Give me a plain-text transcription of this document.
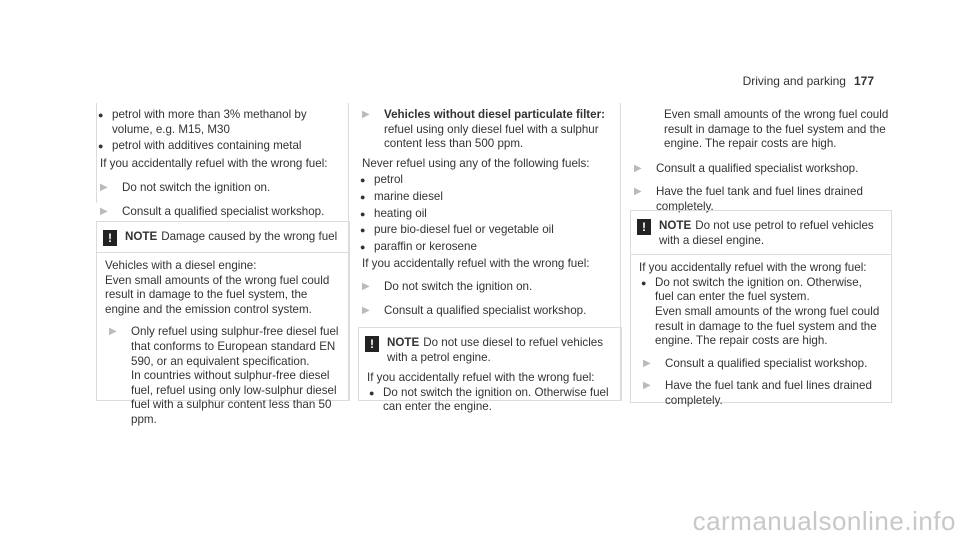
Driving and parking 177
● petrol with more than 3% methanol by volume, e.g. M15, M30
● petrol with additives containing metal

If you accidentally refuel with the wrong fuel:

▶	Do not switch the ignition on.
▶	Consult a qualified specialist workshop.
!	NOTE Damage caused by the wrong fuel

Vehicles with a diesel engine:

Even small amounts of the wrong fuel could result in damage to the fuel system, the engine and the emission control system.

▶	Only refuel using sulphur-free diesel fuel that conforms to European standard EN 590, or an equivalent specification.
In countries without sulphur-free diesel fuel, refuel using only low-sulphur diesel fuel with a sulphur content less than 50 ppm.
▶	Vehicles without diesel particulate filter: refuel using only diesel fuel with a sulphur content less than 500 ppm.

Never refuel using any of the following fuels:

● petrol
● marine diesel
● heating oil
● pure bio-diesel fuel or vegetable oil
● paraffin or kerosene

If you accidentally refuel with the wrong fuel:

▶	Do not switch the ignition on.
▶	Consult a qualified specialist workshop.
!	NOTE Do not use diesel to refuel vehicles with a petrol engine.

If you accidentally refuel with the wrong fuel:

● Do not switch the ignition on. Otherwise fuel can enter the engine.

Even small amounts of the wrong fuel could result in damage to the fuel system and the engine. The repair costs are high.

▶	Consult a qualified specialist workshop.
▶	Have the fuel tank and fuel lines drained completely.
!	NOTE Do not use petrol to refuel vehicles with a diesel engine.

If you accidentally refuel with the wrong fuel:

● Do not switch the ignition on. Otherwise, fuel can enter the fuel system.
Even small amounts of the wrong fuel could result in damage to the fuel system and the engine. The repair costs are high.
▶	Consult a qualified specialist workshop.
▶	Have the fuel tank and fuel lines drained completely.
carmanualsonline.info
